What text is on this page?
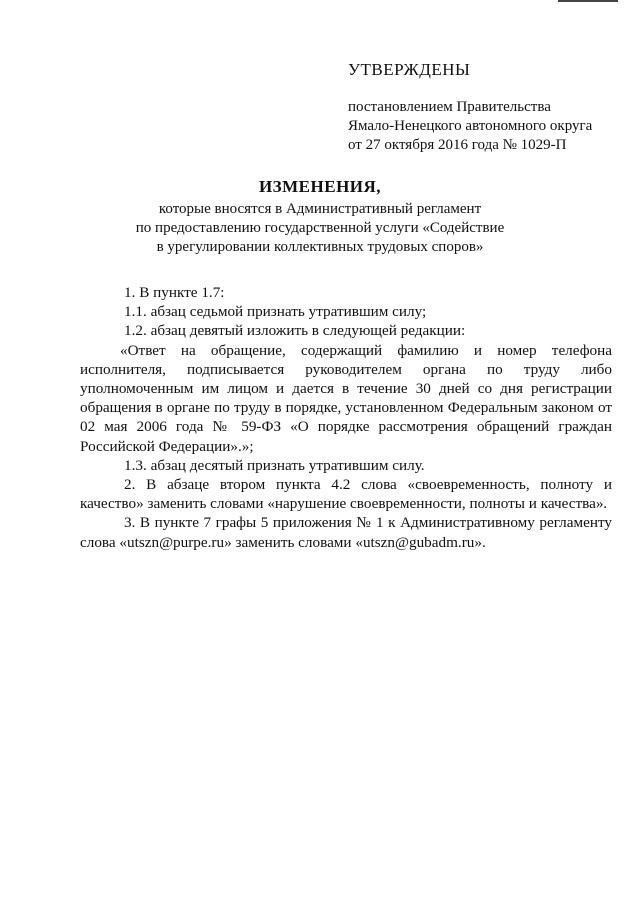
УТВЕРЖДЕНЫ
постановлением Правительства
Ямало-Ненецкого автономного округа
от 27 октября 2016 года № 1029-П
ИЗМЕНЕНИЯ,
которые вносятся в Административный регламент
по предоставлению государственной услуги «Содействие
в урегулировании коллективных трудовых споров»

1. В пункте 1.7:

1.1. абзац седьмой признать утратившим силу;

1.2. абзац девятый изложить в следующей редакции:

«Ответ на обращение, содержащий фамилию и номер телефона исполнителя, подписывается руководителем органа по труду либо уполномоченным им лицом и дается в течение 30 дней со дня регистрации обращения в органе по труду в порядке, установленном Федеральным законом от 02 мая 2006 года № 59-ФЗ «О порядке рассмотрения обращений граждан Российской Федерации».»;

1.3. абзац десятый признать утратившим силу.

2. В абзаце втором пункта 4.2 слова «своевременность, полноту и качество» заменить словами «нарушение своевременности, полноты и качества».

3. В пункте 7 графы 5 приложения № 1 к Административному регламенту слова «utszn@purpe.ru» заменить словами «utszn@gubadm.ru».
